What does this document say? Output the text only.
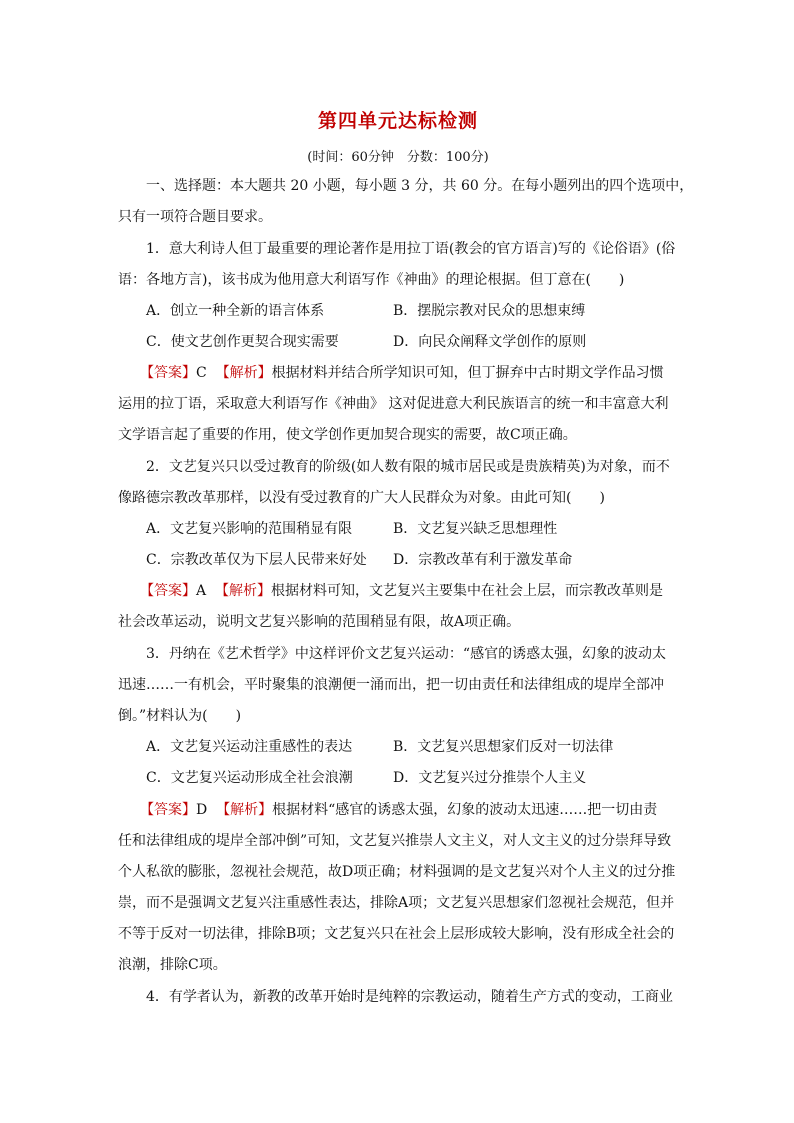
第四单元达标检测
(时间：60分钟　分数：100分)
一、选择题：本大题共 20 小题，每小题 3 分，共 60 分。在每小题列出的四个选项中，
只有一项符合题目要求。
1．意大利诗人但丁最重要的理论著作是用拉丁语(教会的官方语言)写的《论俗语》(俗
语：各地方言)，该书成为他用意大利语写作《神曲》的理论根据。但丁意在(　　)
A．创立一种全新的语言体系	B．摆脱宗教对民众的思想束缚
C．使文艺创作更契合现实需要	D．向民众阐释文学创作的原则
【答案】C 【解析】根据材料并结合所学知识可知，但丁摒弃中古时期文学作品习惯
运用的拉丁语，采取意大利语写作《神曲》 这对促进意大利民族语言的统一和丰富意大利
文学语言起了重要的作用，使文学创作更加契合现实的需要，故C项正确。
2．文艺复兴只以受过教育的阶级(如人数有限的城市居民或是贵族精英)为对象，而不
像路德宗教改革那样，以没有受过教育的广大人民群众为对象。由此可知(　　)
A．文艺复兴影响的范围稍显有限	B．文艺复兴缺乏思想理性
C．宗教改革仅为下层人民带来好处 D．宗教改革有利于激发革命
【答案】A 【解析】根据材料可知，文艺复兴主要集中在社会上层，而宗教改革则是
社会改革运动，说明文艺复兴影响的范围稍显有限，故A项正确。
3．丹纳在《艺术哲学》中这样评价文艺复兴运动：“感官的诱惑太强，幻象的波动太
迅速……一有机会，平时聚集的浪潮便一涌而出，把一切由责任和法律组成的堤岸全部冲
倒。”材料认为(　　)
A．文艺复兴运动注重感性的表达	B．文艺复兴思想家们反对一切法律
C．文艺复兴运动形成全社会浪潮	D．文艺复兴过分推崇个人主义
【答案】D 【解析】根据材料“感官的诱惑太强，幻象的波动太迅速……把一切由责
任和法律组成的堤岸全部冲倒”可知，文艺复兴推崇人文主义，对人文主义的过分崇拜导致
个人私欲的膨胀，忽视社会规范，故D项正确；材料强调的是文艺复兴对个人主义的过分推
崇，而不是强调文艺复兴注重感性表达，排除A项；文艺复兴思想家们忽视社会规范，但并
不等于反对一切法律，排除B项；文艺复兴只在社会上层形成较大影响，没有形成全社会的
浪潮，排除C项。
4．有学者认为，新教的改革开始时是纯粹的宗教运动，随着生产方式的变动，工商业
